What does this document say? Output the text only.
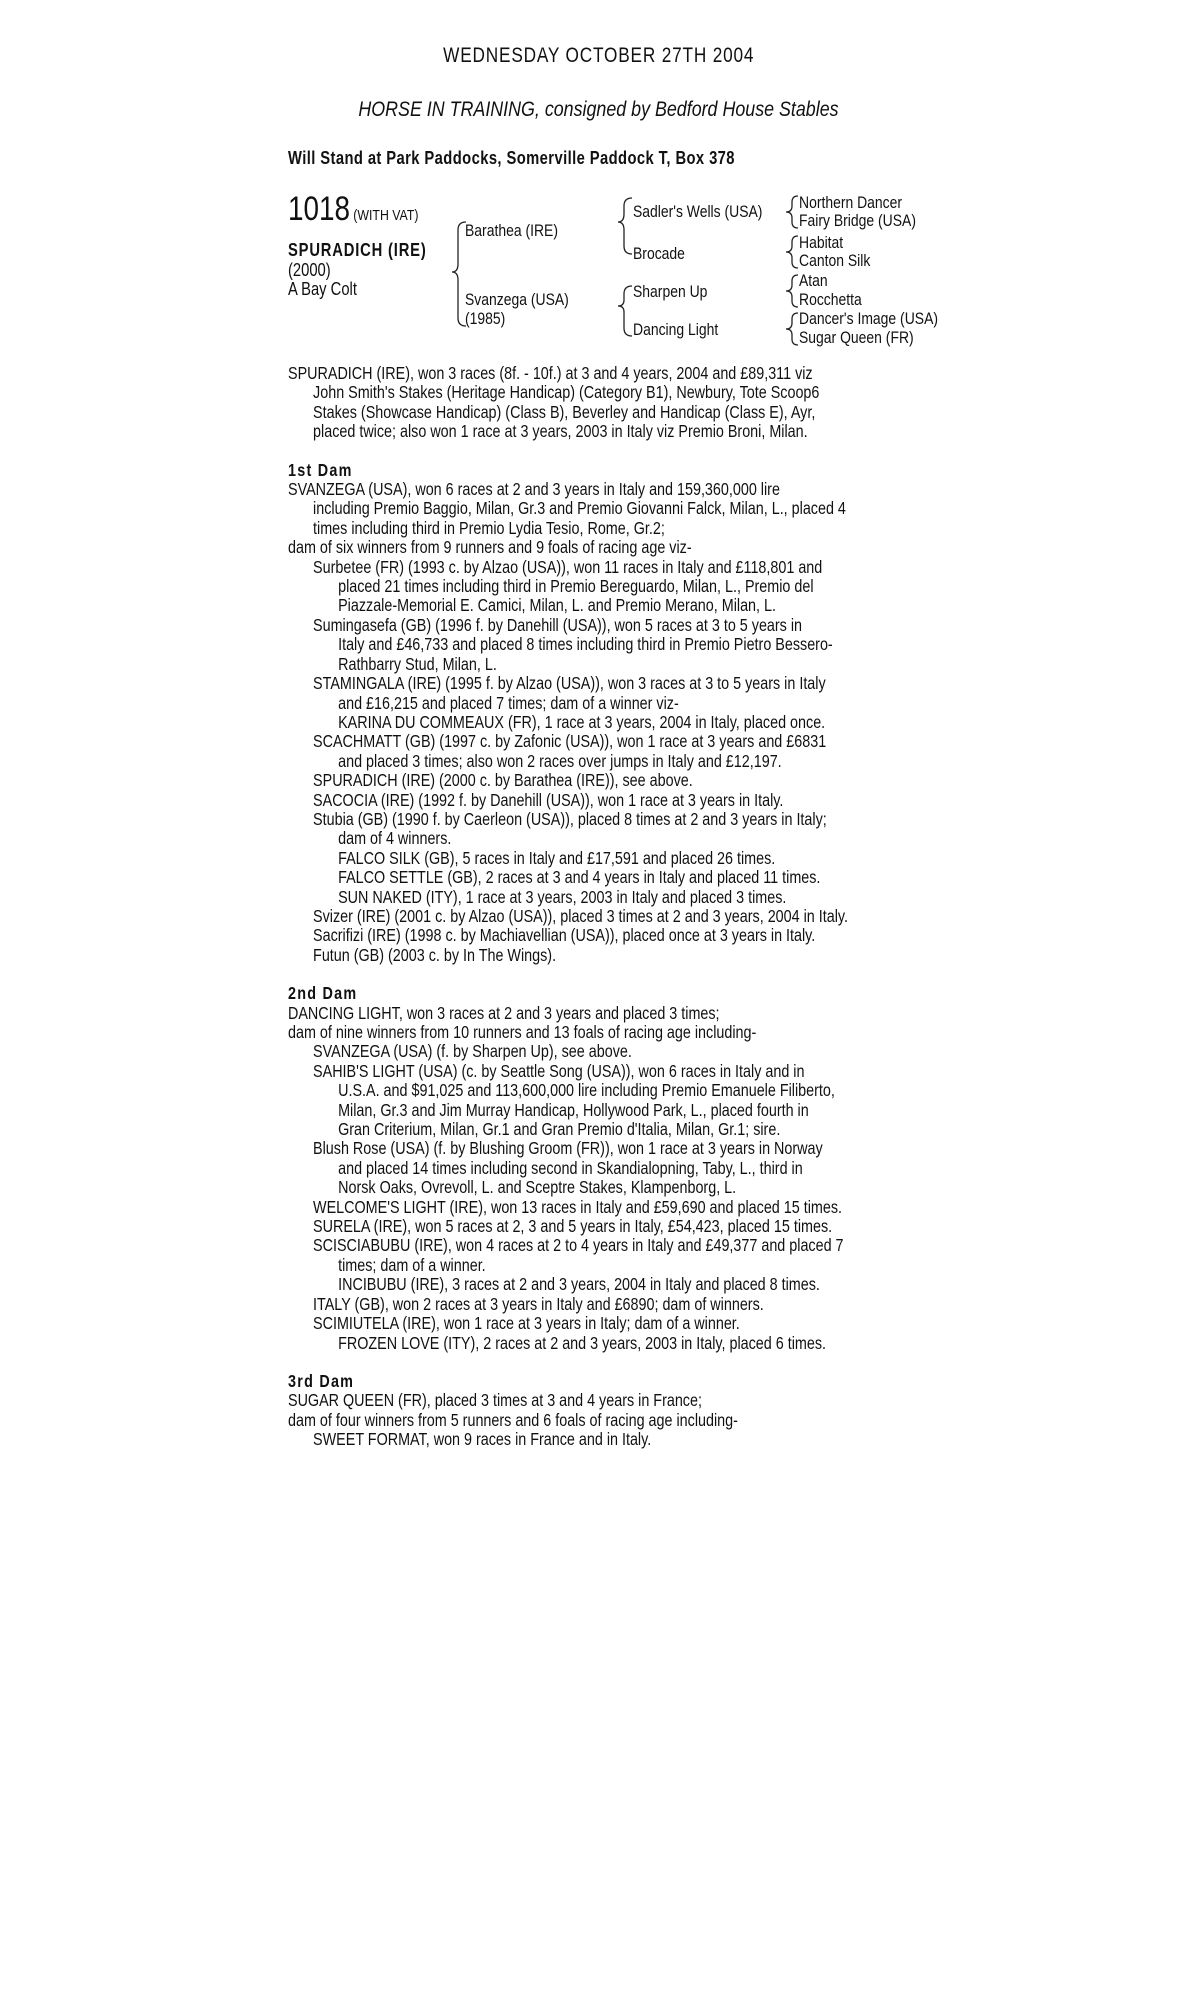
WEDNESDAY OCTOBER 27TH 2004
HORSE IN TRAINING, consigned by Bedford House Stables
Will Stand at Park Paddocks, Somerville Paddock T, Box 378
1018 (WITH VAT)
SPURADICH (IRE)
(2000)
A Bay Colt
Barathea (IRE)
Svanzega (USA)
(1985)
Sadler's Wells (USA)
Brocade
Sharpen Up
Dancing Light
Northern Dancer
Fairy Bridge (USA)
Habitat
Canton Silk
Atan
Rocchetta
Dancer's Image (USA)
Sugar Queen (FR)

SPURADICH (IRE), won 3 races (8f. - 10f.) at 3 and 4 years, 2004 and £89,311 viz

John Smith's Stakes (Heritage Handicap) (Category B1), Newbury, Tote Scoop6

Stakes (Showcase Handicap) (Class B), Beverley and Handicap (Class E), Ayr,

placed twice; also won 1 race at 3 years, 2003 in Italy viz Premio Broni, Milan.

1st Dam

SVANZEGA (USA), won 6 races at 2 and 3 years in Italy and 159,360,000 lire

including Premio Baggio, Milan, Gr.3 and Premio Giovanni Falck, Milan, L., placed 4

times including third in Premio Lydia Tesio, Rome, Gr.2;

dam of six winners from 9 runners and 9 foals of racing age viz-

Surbetee (FR) (1993 c. by Alzao (USA)), won 11 races in Italy and £118,801 and

placed 21 times including third in Premio Bereguardo, Milan, L., Premio del

Piazzale-Memorial E. Camici, Milan, L. and Premio Merano, Milan, L.

Sumingasefa (GB) (1996 f. by Danehill (USA)), won 5 races at 3 to 5 years in

Italy and £46,733 and placed 8 times including third in Premio Pietro Bessero-

Rathbarry Stud, Milan, L.

STAMINGALA (IRE) (1995 f. by Alzao (USA)), won 3 races at 3 to 5 years in Italy

and £16,215 and placed 7 times; dam of a winner viz-

KARINA DU COMMEAUX (FR), 1 race at 3 years, 2004 in Italy, placed once.

SCACHMATT (GB) (1997 c. by Zafonic (USA)), won 1 race at 3 years and £6831

and placed 3 times; also won 2 races over jumps in Italy and £12,197.

SPURADICH (IRE) (2000 c. by Barathea (IRE)), see above.

SACOCIA (IRE) (1992 f. by Danehill (USA)), won 1 race at 3 years in Italy.

Stubia (GB) (1990 f. by Caerleon (USA)), placed 8 times at 2 and 3 years in Italy;

dam of 4 winners.

FALCO SILK (GB), 5 races in Italy and £17,591 and placed 26 times.

FALCO SETTLE (GB), 2 races at 3 and 4 years in Italy and placed 11 times.

SUN NAKED (ITY), 1 race at 3 years, 2003 in Italy and placed 3 times.

Svizer (IRE) (2001 c. by Alzao (USA)), placed 3 times at 2 and 3 years, 2004 in Italy.

Sacrifizi (IRE) (1998 c. by Machiavellian (USA)), placed once at 3 years in Italy.

Futun (GB) (2003 c. by In The Wings).

2nd Dam

DANCING LIGHT, won 3 races at 2 and 3 years and placed 3 times;

dam of nine winners from 10 runners and 13 foals of racing age including-

SVANZEGA (USA) (f. by Sharpen Up), see above.

SAHIB'S LIGHT (USA) (c. by Seattle Song (USA)), won 6 races in Italy and in

U.S.A. and $91,025 and 113,600,000 lire including Premio Emanuele Filiberto,

Milan, Gr.3 and Jim Murray Handicap, Hollywood Park, L., placed fourth in

Gran Criterium, Milan, Gr.1 and Gran Premio d'Italia, Milan, Gr.1; sire.

Blush Rose (USA) (f. by Blushing Groom (FR)), won 1 race at 3 years in Norway

and placed 14 times including second in Skandialopning, Taby, L., third in

Norsk Oaks, Ovrevoll, L. and Sceptre Stakes, Klampenborg, L.

WELCOME'S LIGHT (IRE), won 13 races in Italy and £59,690 and placed 15 times.

SURELA (IRE), won 5 races at 2, 3 and 5 years in Italy, £54,423, placed 15 times.

SCISCIABUBU (IRE), won 4 races at 2 to 4 years in Italy and £49,377 and placed 7

times; dam of a winner.

INCIBUBU (IRE), 3 races at 2 and 3 years, 2004 in Italy and placed 8 times.

ITALY (GB), won 2 races at 3 years in Italy and £6890; dam of winners.

SCIMIUTELA (IRE), won 1 race at 3 years in Italy; dam of a winner.

FROZEN LOVE (ITY), 2 races at 2 and 3 years, 2003 in Italy, placed 6 times.

3rd Dam

SUGAR QUEEN (FR), placed 3 times at 3 and 4 years in France;

dam of four winners from 5 runners and 6 foals of racing age including-

SWEET FORMAT, won 9 races in France and in Italy.
